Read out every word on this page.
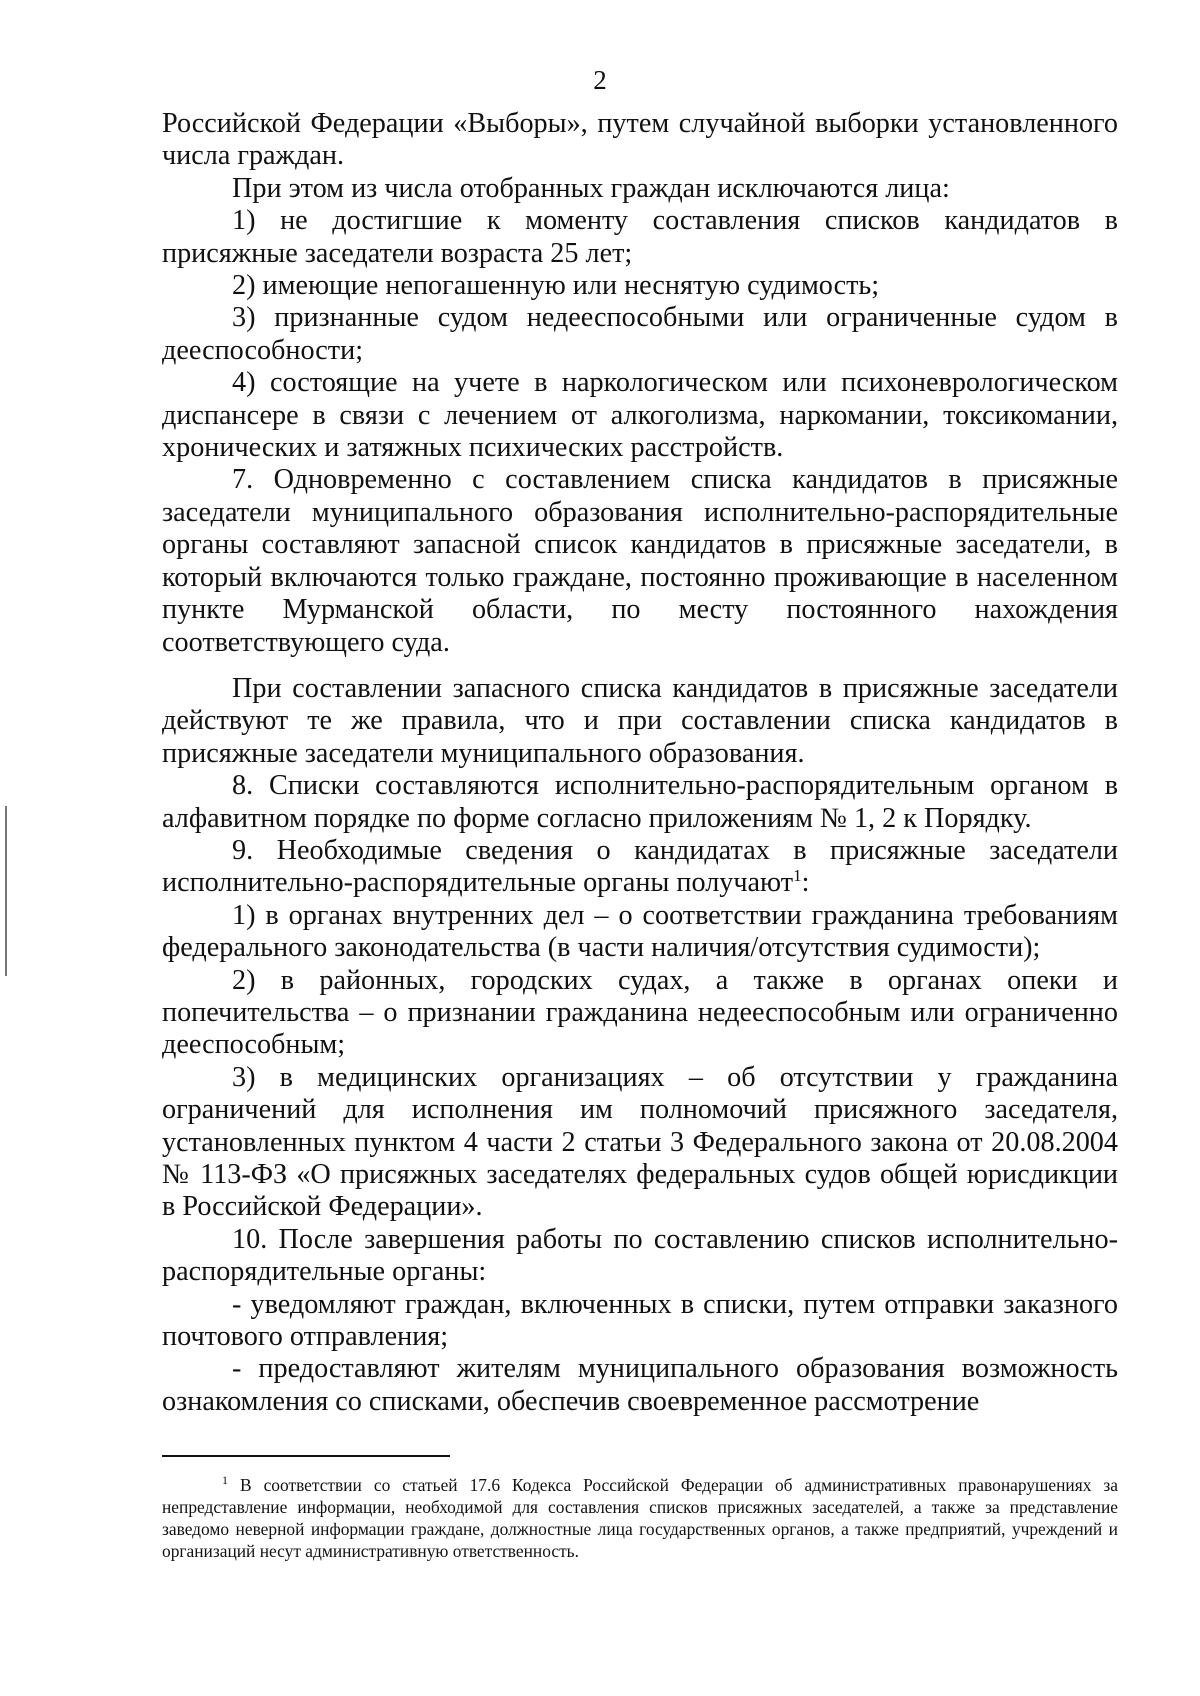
2

Российской Федерации «Выборы», путем случайной выборки установленного числа граждан.

При этом из числа отобранных граждан исключаются лица:

1) не достигшие к моменту составления списков кандидатов в присяжные заседатели возраста 25 лет;

2) имеющие непогашенную или неснятую судимость;

3) признанные судом недееспособными или ограниченные судом в дееспособности;

4) состоящие на учете в наркологическом или психоневрологическом диспансере в связи с лечением от алкоголизма, наркомании, токсикомании, хронических и затяжных психических расстройств.

7. Одновременно с составлением списка кандидатов в присяжные заседатели муниципального образования исполнительно-распорядительные органы составляют запасной список кандидатов в присяжные заседатели, в который включаются только граждане, постоянно проживающие в населенном пункте Мурманской области, по месту постоянного нахождения соответствующего суда.

При составлении запасного списка кандидатов в присяжные заседатели действуют те же правила, что и при составлении списка кандидатов в присяжные заседатели муниципального образования.

8. Списки составляются исполнительно-распорядительным органом в алфавитном порядке по форме согласно приложениям № 1, 2 к Порядку.

9. Необходимые сведения о кандидатах в присяжные заседатели исполнительно-распорядительные органы получают$^1$:

1) в органах внутренних дел – о соответствии гражданина требованиям федерального законодательства (в части наличия/отсутствия судимости);

2) в районных, городских судах, а также в органах опеки и попечительства – о признании гражданина недееспособным или ограниченно дееспособным;

3) в медицинских организациях – об отсутствии у гражданина ограничений для исполнения им полномочий присяжного заседателя, установленных пунктом 4 части 2 статьи 3 Федерального закона от 20.08.2004 № 113-ФЗ «О присяжных заседателях федеральных судов общей юрисдикции в Российской Федерации».

10. После завершения работы по составлению списков исполнительно-распорядительные органы:

- уведомляют граждан, включенных в списки, путем отправки заказного почтового отправления;

- предоставляют жителям муниципального образования возможность ознакомления со списками, обеспечив своевременное рассмотрение

$^1$ В соответствии со статьей 17.6 Кодекса Российской Федерации об административных правонарушениях за непредставление информации, необходимой для составления списков присяжных заседателей, а также за представление заведомо неверной информации граждане, должностные лица государственных органов, а также предприятий, учреждений и организаций несут административную ответственность.
